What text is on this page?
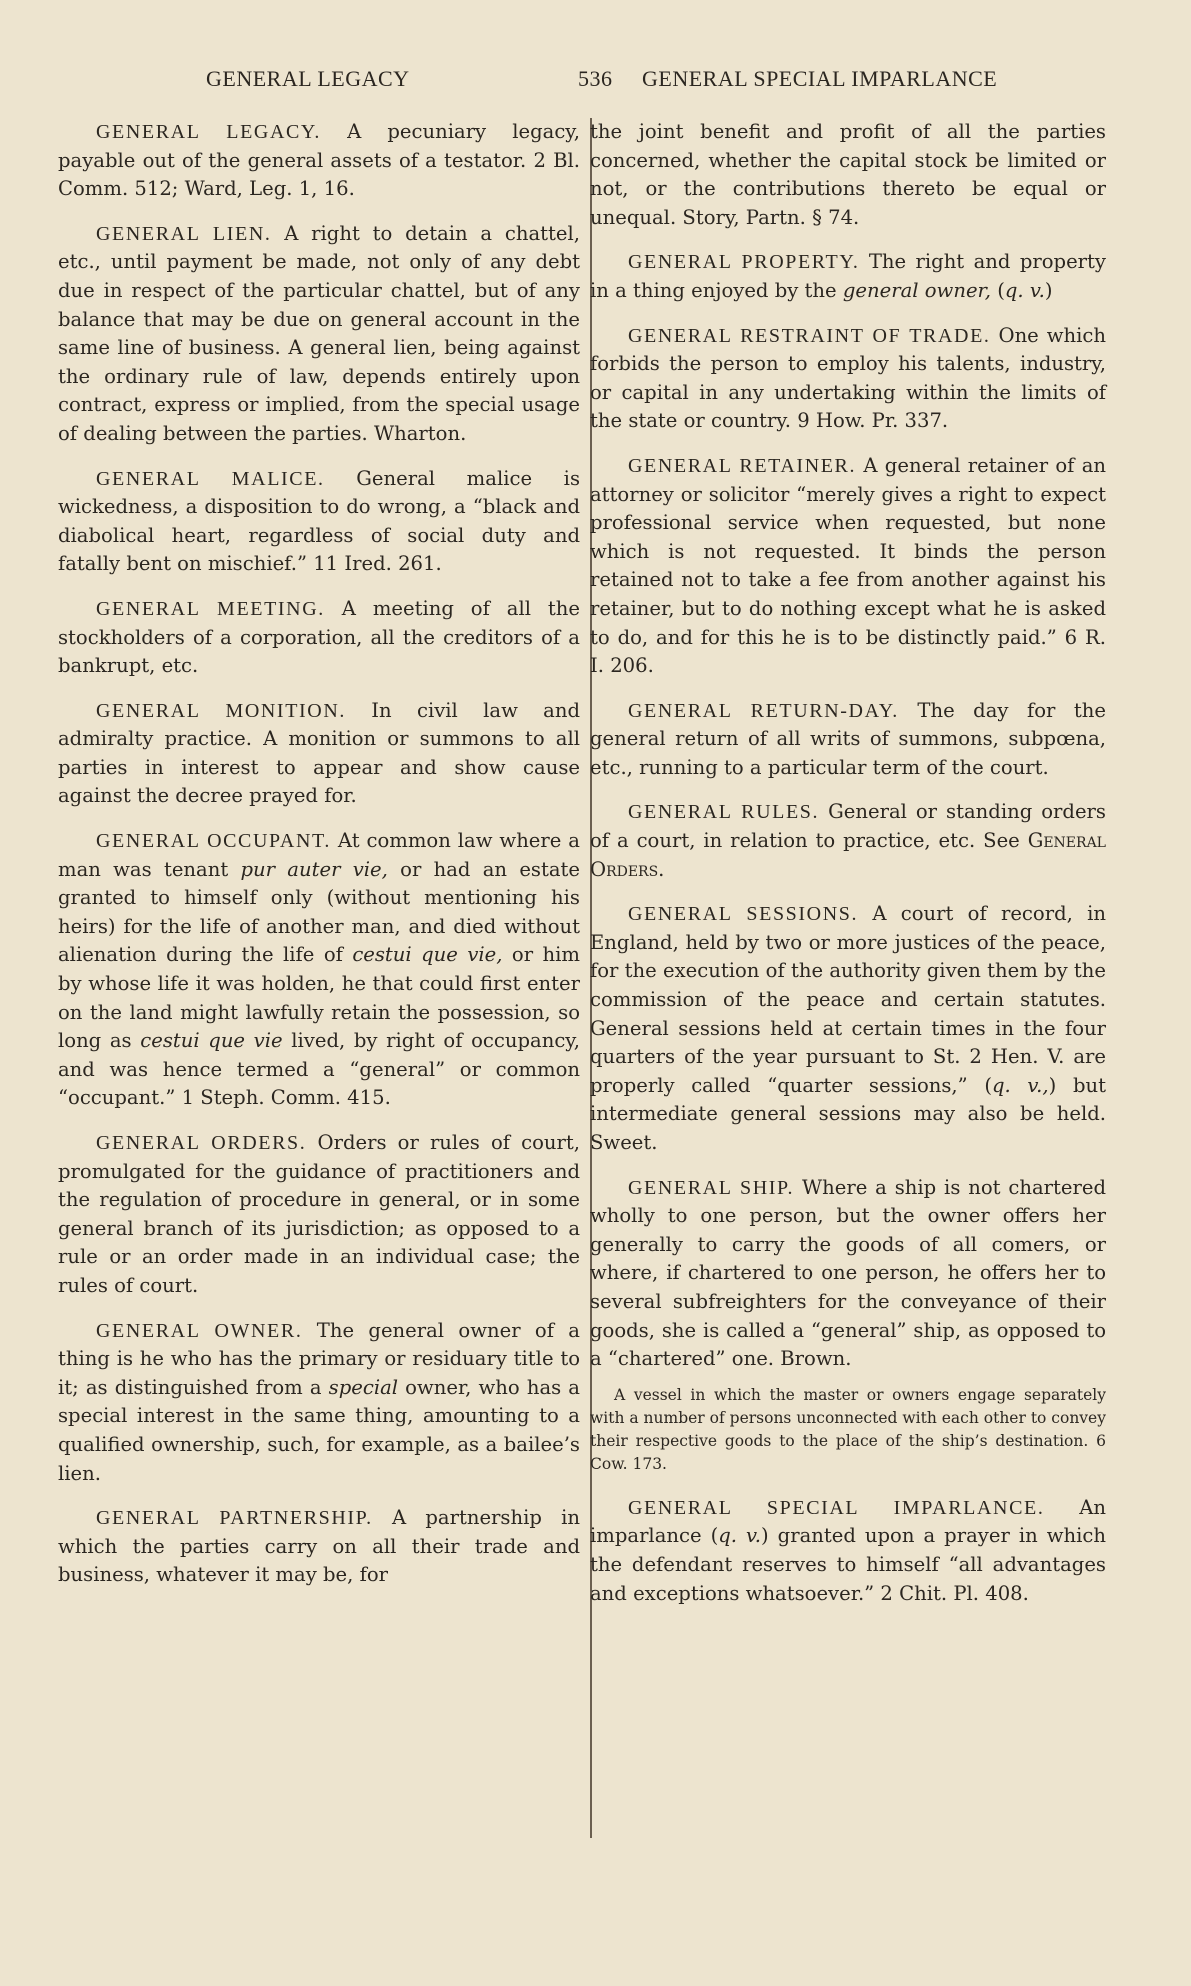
GENERAL LEGACY	536 GENERAL SPECIAL IMPARLANCE

GENERAL LEGACY. A pecuniary legacy, payable out of the general assets of a testator. 2 Bl. Comm. 512; Ward, Leg. 1, 16.

GENERAL LIEN. A right to detain a chattel, etc., until payment be made, not only of any debt due in respect of the particular chattel, but of any balance that may be due on general account in the same line of business. A general lien, being against the ordinary rule of law, depends entirely upon contract, express or implied, from the special usage of dealing between the parties. Wharton.

GENERAL MALICE. General malice is wickedness, a disposition to do wrong, a “black and diabolical heart, regardless of social duty and fatally bent on mischief.” 11 Ired. 261.

GENERAL MEETING. A meeting of all the stockholders of a corporation, all the creditors of a bankrupt, etc.

GENERAL MONITION. In civil law and admiralty practice. A monition or summons to all parties in interest to appear and show cause against the decree prayed for.

GENERAL OCCUPANT. At common law where a man was tenant pur auter vie, or had an estate granted to himself only (without mentioning his heirs) for the life of another man, and died without alienation during the life of cestui que vie, or him by whose life it was holden, he that could first enter on the land might lawfully retain the possession, so long as cestui que vie lived, by right of occupancy, and was hence termed a “general” or common “occupant.” 1 Steph. Comm. 415.

GENERAL ORDERS. Orders or rules of court, promulgated for the guidance of practitioners and the regulation of procedure in general, or in some general branch of its jurisdiction; as opposed to a rule or an order made in an individual case; the rules of court.

GENERAL OWNER. The general owner of a thing is he who has the primary or residuary title to it; as distinguished from a special owner, who has a special interest in the same thing, amounting to a qualified ownership, such, for example, as a bailee’s lien.

GENERAL PARTNERSHIP. A partnership in which the parties carry on all their trade and business, whatever it may be, for

the joint benefit and profit of all the parties concerned, whether the capital stock be limited or not, or the contributions thereto be equal or unequal. Story, Partn. § 74.

GENERAL PROPERTY. The right and property in a thing enjoyed by the general owner, (q. v.)

GENERAL RESTRAINT OF TRADE. One which forbids the person to employ his talents, industry, or capital in any undertaking within the limits of the state or country. 9 How. Pr. 337.

GENERAL RETAINER. A general retainer of an attorney or solicitor “merely gives a right to expect professional service when requested, but none which is not requested. It binds the person retained not to take a fee from another against his retainer, but to do nothing except what he is asked to do, and for this he is to be distinctly paid.” 6 R. I. 206.

GENERAL RETURN-DAY. The day for the general return of all writs of summons, subpœna, etc., running to a particular term of the court.

GENERAL RULES. General or standing orders of a court, in relation to practice, etc. See General Orders.

GENERAL SESSIONS. A court of record, in England, held by two or more justices of the peace, for the execution of the authority given them by the commission of the peace and certain statutes. General sessions held at certain times in the four quarters of the year pursuant to St. 2 Hen. V. are properly called “quarter sessions,” (q. v.,) but intermediate general sessions may also be held. Sweet.

GENERAL SHIP. Where a ship is not chartered wholly to one person, but the owner offers her generally to carry the goods of all comers, or where, if chartered to one person, he offers her to several subfreighters for the conveyance of their goods, she is called a “general” ship, as opposed to a “chartered” one. Brown.

A vessel in which the master or owners engage separately with a number of persons unconnected with each other to convey their respective goods to the place of the ship’s destination. 6 Cow. 173.

GENERAL SPECIAL IMPARLANCE. An imparlance (q. v.) granted upon a prayer in which the defendant reserves to himself “all advantages and exceptions whatsoever.” 2 Chit. Pl. 408.
